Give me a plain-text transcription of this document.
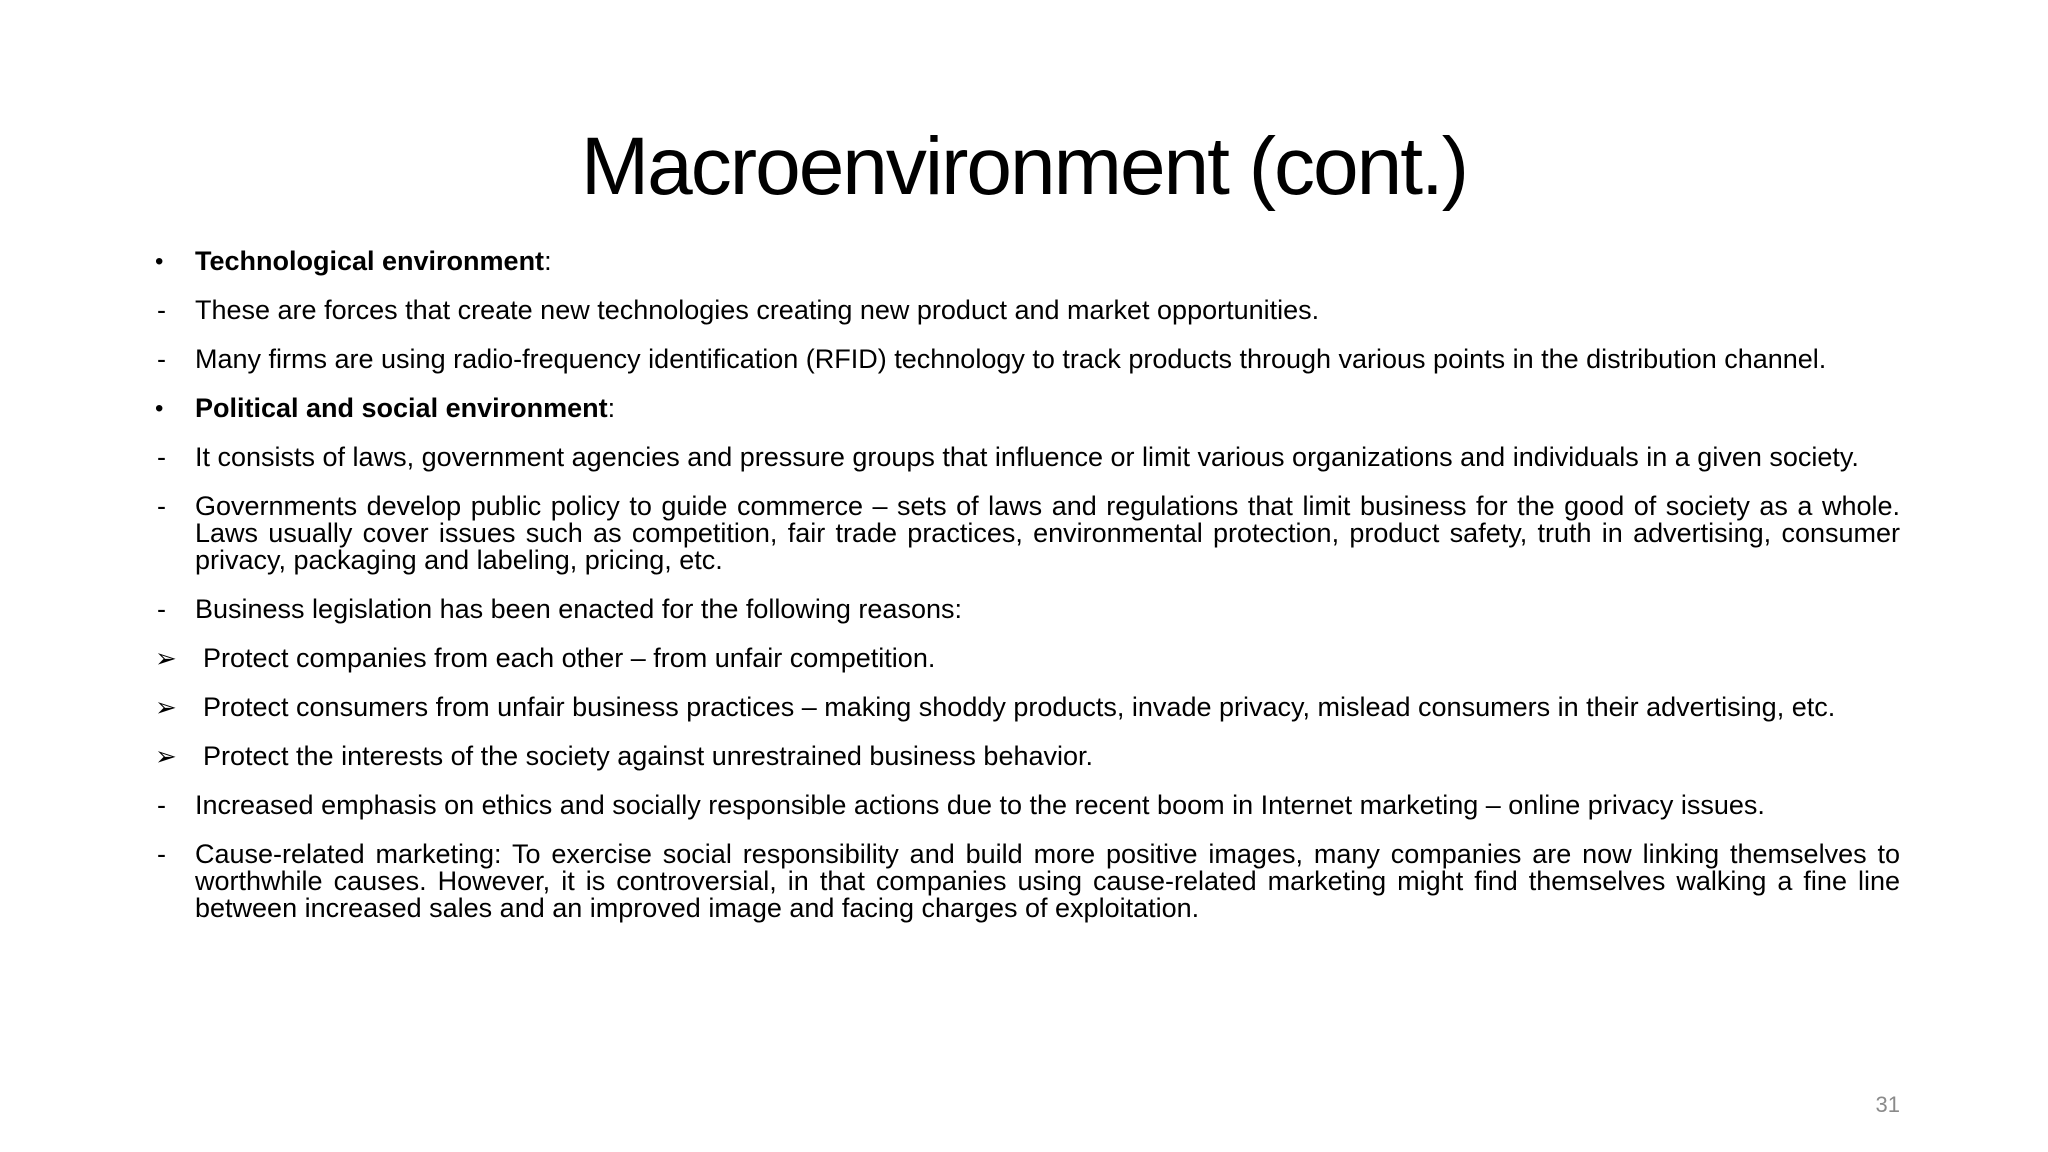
Macroenvironment (cont.)
•	Technological environment:
-	These are forces that create new technologies creating new product and market opportunities.
-	Many firms are using radio-frequency identification (RFID) technology to track products through various points in the distribution channel.
•	Political and social environment:
-	It consists of laws, government agencies and pressure groups that influence or limit various organizations and individuals in a given society.
-	Governments develop public policy to guide commerce – sets of laws and regulations that limit business for the good of society as a whole. Laws usually cover issues such as competition, fair trade practices, environmental protection, product safety, truth in advertising, consumer privacy, packaging and labeling, pricing, etc.
-	Business legislation has been enacted for the following reasons:
➢ Protect companies from each other – from unfair competition.
➢ Protect consumers from unfair business practices – making shoddy products, invade privacy, mislead consumers in their advertising, etc.
➢ Protect the interests of the society against unrestrained business behavior.
-	Increased emphasis on ethics and socially responsible actions due to the recent boom in Internet marketing – online privacy issues.
-	Cause-related marketing: To exercise social responsibility and build more positive images, many companies are now linking themselves to worthwhile causes. However, it is controversial, in that companies using cause-related marketing might find themselves walking a fine line between increased sales and an improved image and facing charges of exploitation.
31
